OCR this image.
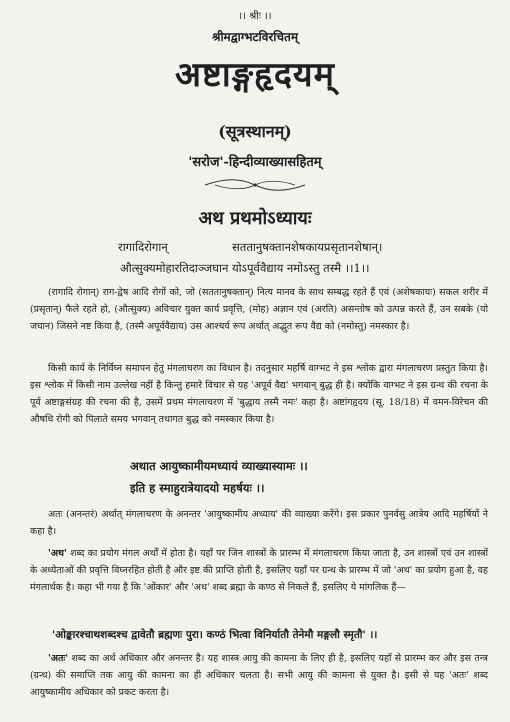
।। श्रीः ।।
श्रीमद्वाग्भटविरचितम्
अष्टाङ्गहृदयम्
(सूत्रस्थानम्)
'सरोज'-हिन्दीव्याख्यासहितम्
अथ प्रथमोऽध्यायः
रागादिरोगान्	सततानुषक्तानशेषकायप्रसृतानशेषान्।
औत्सुक्यमोहारतिदाञ्जघान योऽपूर्ववैद्याय नमोऽस्तु तस्मै ।।1।।
(रागादि रोगान्) राग-द्वेष आदि रोगों को, जो (सततानुषक्तान्) नित्य मानव के साथ सम्बद्ध रहते हैं एवं (अशेषकायः) सकल शरीर में (प्रसृतान्) फैले रहते हो, (औत्सुक्य) अविचार युक्त कार्य प्रवृत्ति, (मोह) अज्ञान एवं (अरति) असन्तोष को उत्पन्न करते हैं, उन सबके (यो जघान) जिसने नष्ट किया है, (तस्मै अपूर्ववैद्याय) उस आश्चर्य रूप अर्थात् अद्भुत रूप वैद्य को (नमोस्तु) नमस्कार है।
किसी कार्य के निर्विघ्न समापन हेतु मंगलाचरण का विधान है। तदनुसार महर्षि वाग्भट ने इस श्लोक द्वारा मंगलाचरण प्रस्तुत किया है। इस श्लोक में किसी नाम उल्लेख नहीं है किन्तु हमारे विचार से यह 'अपूर्व वैद्य' भगवान् बुद्ध ही है। क्योंकि वाग्भट ने इस ग्रन्थ की रचना के पूर्व अष्टाङ्गसंग्रह की रचना की है, उसमें प्रथम मंगलाचरण में 'बुद्धाय तस्मै नमः' कहा है। अष्टांगहृदय (सू. 18/18) में वमन-विरेचन की औषधि रोगी को पिलाते समय भगवान् तथागत बुद्ध को नमस्कार किया है।
अथात आयुष्कामीयमध्यायं व्याख्यास्यामः ।।
इति ह स्माहुरात्रेयादयो महर्षयः ।।
अतः (अनन्तरं) अर्थात् मंगलाचरण के अनन्तर 'आयुष्कामीय अध्याय' की व्याख्या करेंगे। इस प्रकार पुनर्वसु आत्रेय आदि महर्षियों ने कहा है।
'अथ' शब्द का प्रयोग मंगल अर्थों में होता है। यहाँ पर जिन शास्त्रों के प्रारम्भ में मंगलाचरण किया जाता है, उन शास्त्रों एवं उन शास्त्रों के अध्येताओं की प्रवृत्ति विघ्नरहित होती है और इष्ट की प्राप्ति होती है, इसलिए यहाँ पर ग्रन्थ के प्रारम्भ में जो 'अथ' का प्रयोग हुआ है, वह मंगलार्थक है। कहा भी गया है कि 'ओंकार' और 'अथ' शब्द ब्रह्मा के कण्ठ से निकले हैं, इसलिए ये मांगलिक हैं—
'ओङ्कारश्चाथशब्दश्च द्वावेतौ ब्रह्मणः पुरा। कण्ठं भित्वा विनिर्यातौ तेनेमौ मङ्गलौ स्मृतौ' ।।
'अतः' शब्द का अर्थ अधिकार और अनन्तर है। यह शास्त्र आयु की कामना के लिए ही है, इसलिए यहाँ से प्रारम्भ कर और इस तन्त्र (ग्रन्थ) की समाप्ति तक आयु की कामना का ही अधिकार चलता है। सभी आयु की कामना से युक्त है। इसी से यह 'अतः' शब्द आयुष्कामीय अधिकार को प्रकट करता है।
